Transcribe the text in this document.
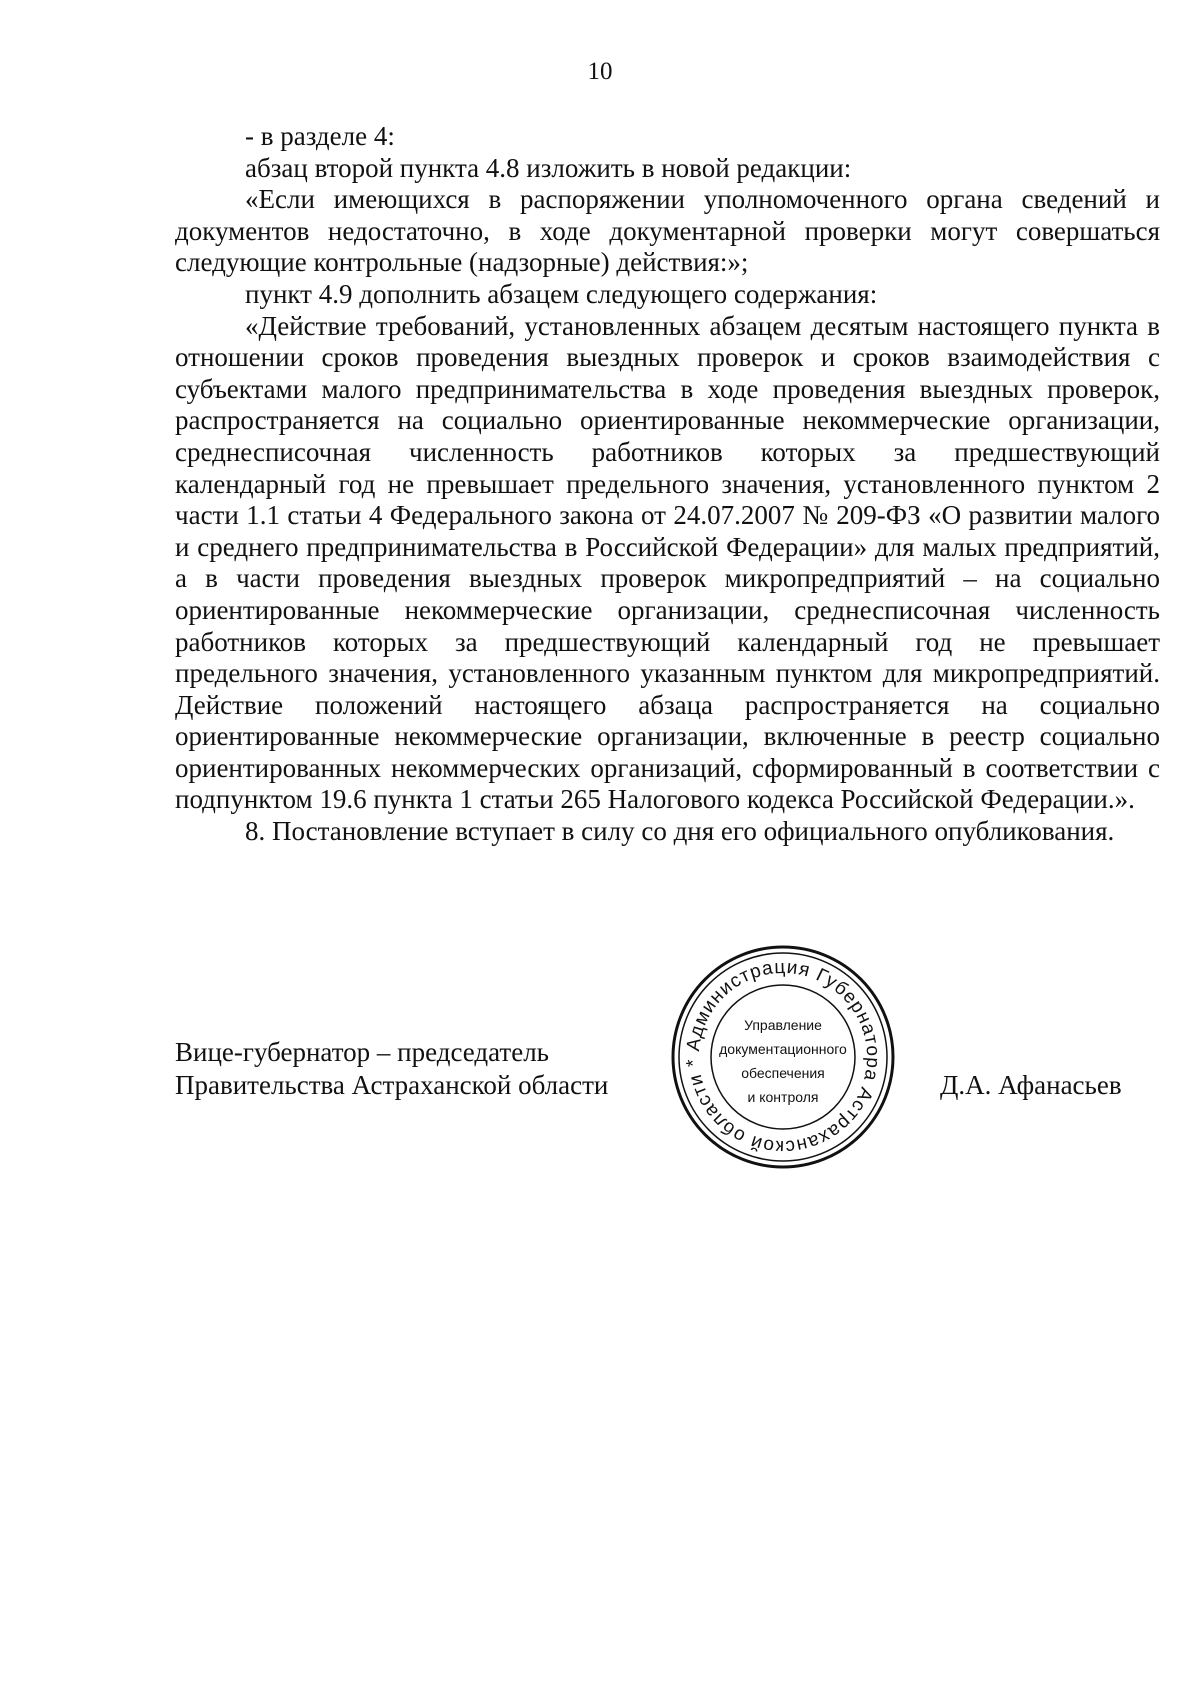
10

- в разделе 4:

абзац второй пункта 4.8 изложить в новой редакции:

«Если имеющихся в распоряжении уполномоченного органа сведений и документов недостаточно, в ходе документарной проверки могут совершаться следующие контрольные (надзорные) действия:»;

пункт 4.9 дополнить абзацем следующего содержания:

«Действие требований, установленных абзацем десятым настоящего пункта в отношении сроков проведения выездных проверок и сроков взаимодействия с субъектами малого предпринимательства в ходе проведения выездных проверок, распространяется на социально ориентированные некоммерческие организации, среднесписочная численность работников которых за предшествующий календарный год не превышает предельного значения, установленного пунктом 2 части 1.1 статьи 4 Федерального закона от 24.07.2007 № 209-ФЗ «О развитии малого и среднего предпринимательства в Российской Федерации» для малых предприятий, а в части проведения выездных проверок микропредприятий – на социально ориентированные некоммерческие организации, среднесписочная численность работников которых за предшествующий календарный год не превышает предельного значения, установленного указанным пунктом для микропредприятий. Действие положений настоящего абзаца распространяется на социально ориентированные некоммерческие организации, включенные в реестр социально ориентированных некоммерческих организаций, сформированный в соответствии с подпунктом 19.6 пункта 1 статьи 265 Налогового кодекса Российской Федерации.».

8. Постановление вступает в силу со дня его официального опубликования.

Вице-губернатор – председатель
Правительства Астраханской области	Д.А. Афанасьев
Администрация Губернатора Астраханской области *
Управление
документационного
обеспечения
и контроля
